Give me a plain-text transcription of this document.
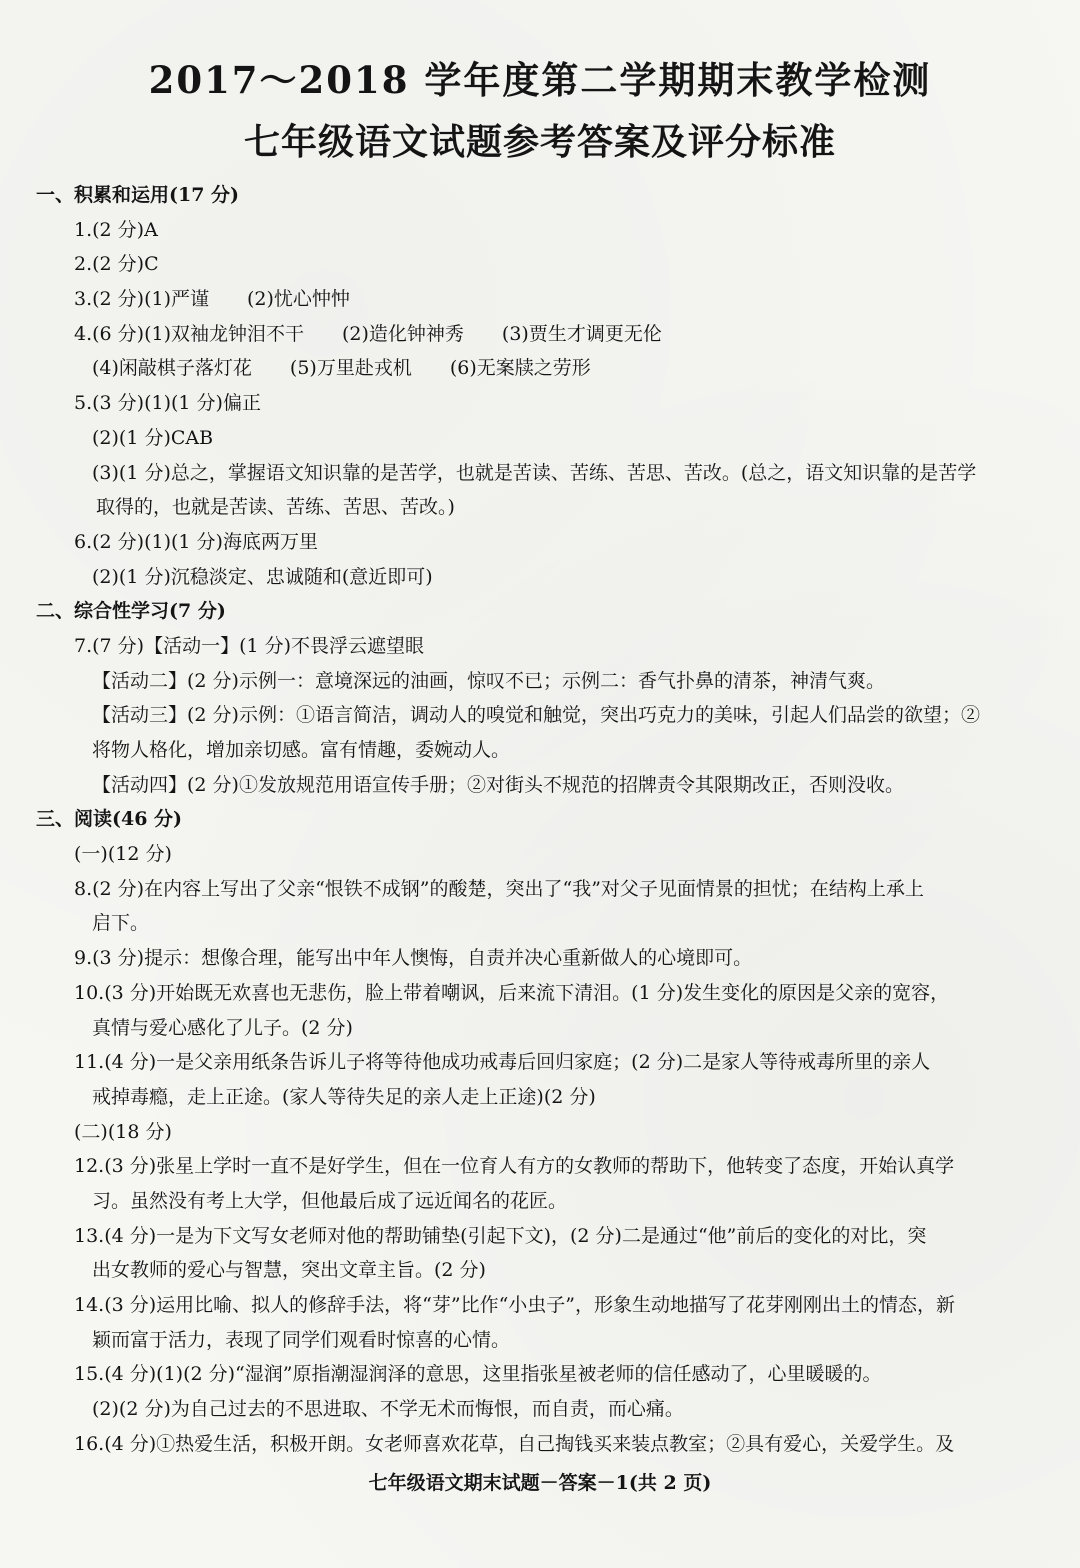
2017～2018 学年度第二学期期末教学检测
七年级语文试题参考答案及评分标准
一、积累和运用(17 分)
1.(2 分)A
2.(2 分)C
3.(2 分)(1)严谨　　(2)忧心忡忡
4.(6 分)(1)双袖龙钟泪不干　　(2)造化钟神秀　　(3)贾生才调更无伦
(4)闲敲棋子落灯花　　(5)万里赴戎机　　(6)无案牍之劳形
5.(3 分)(1)(1 分)偏正
(2)(1 分)CAB
(3)(1 分)总之，掌握语文知识靠的是苦学，也就是苦读、苦练、苦思、苦改。(总之，语文知识靠的是苦学
取得的，也就是苦读、苦练、苦思、苦改。)
6.(2 分)(1)(1 分)海底两万里
(2)(1 分)沉稳淡定、忠诚随和(意近即可)
二、综合性学习(7 分)
7.(7 分)【活动一】(1 分)不畏浮云遮望眼
【活动二】(2 分)示例一：意境深远的油画，惊叹不已；示例二：香气扑鼻的清茶，神清气爽。
【活动三】(2 分)示例：①语言简洁，调动人的嗅觉和触觉，突出巧克力的美味，引起人们品尝的欲望；②
将物人格化，增加亲切感。富有情趣，委婉动人。
【活动四】(2 分)①发放规范用语宣传手册；②对街头不规范的招牌责令其限期改正，否则没收。
三、阅读(46 分)
(一)(12 分)
8.(2 分)在内容上写出了父亲“恨铁不成钢”的酸楚，突出了“我”对父子见面情景的担忧；在结构上承上
启下。
9.(3 分)提示：想像合理，能写出中年人懊悔，自责并决心重新做人的心境即可。
10.(3 分)开始既无欢喜也无悲伤，脸上带着嘲讽，后来流下清泪。(1 分)发生变化的原因是父亲的宽容，
真情与爱心感化了儿子。(2 分)
11.(4 分)一是父亲用纸条告诉儿子将等待他成功戒毒后回归家庭；(2 分)二是家人等待戒毒所里的亲人
戒掉毒瘾，走上正途。(家人等待失足的亲人走上正途)(2 分)
(二)(18 分)
12.(3 分)张星上学时一直不是好学生，但在一位育人有方的女教师的帮助下，他转变了态度，开始认真学
习。虽然没有考上大学，但他最后成了远近闻名的花匠。
13.(4 分)一是为下文写女老师对他的帮助铺垫(引起下文)，(2 分)二是通过“他”前后的变化的对比，突
出女教师的爱心与智慧，突出文章主旨。(2 分)
14.(3 分)运用比喻、拟人的修辞手法，将“芽”比作“小虫子”，形象生动地描写了花芽刚刚出土的情态，新
颖而富于活力，表现了同学们观看时惊喜的心情。
15.(4 分)(1)(2 分)“湿润”原指潮湿润泽的意思，这里指张星被老师的信任感动了，心里暖暖的。
(2)(2 分)为自己过去的不思进取、不学无术而悔恨，而自责，而心痛。
16.(4 分)①热爱生活，积极开朗。女老师喜欢花草，自己掏钱买来装点教室；②具有爱心，关爱学生。及
七年级语文期末试题－答案－1(共 2 页)
